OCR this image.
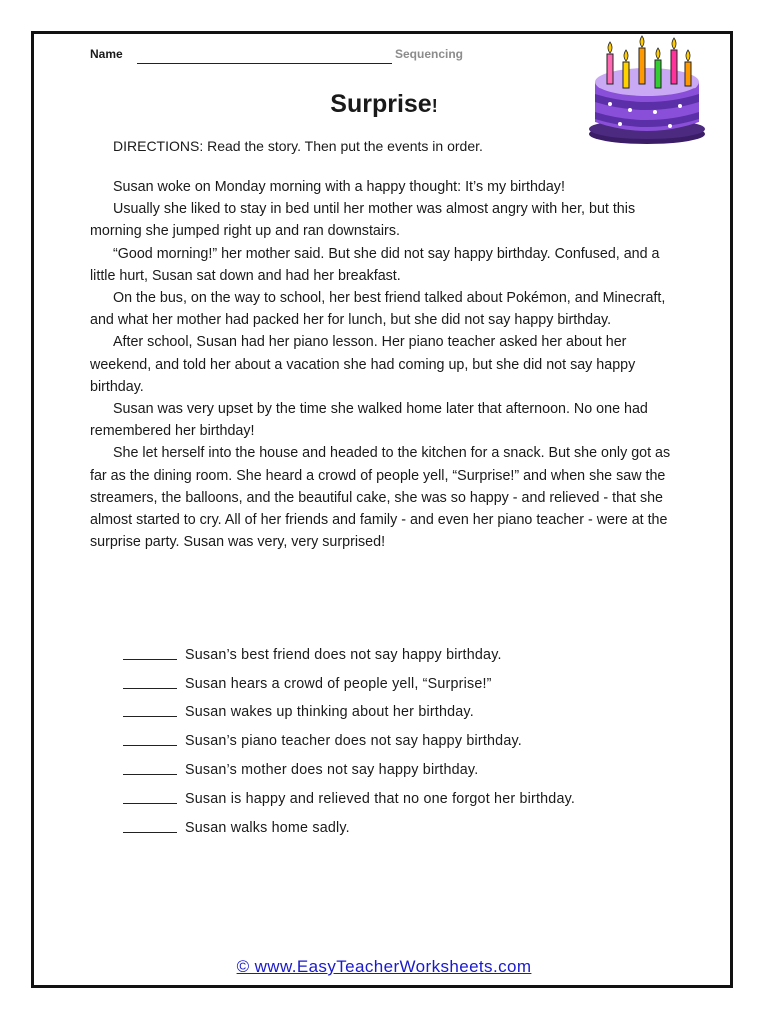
Name	Sequencing
Surprise!
DIRECTIONS: Read the story. Then put the events in order.

Susan woke on Monday morning with a happy thought: It’s my birthday!

Usually she liked to stay in bed until her mother was almost angry with her, but this morning she jumped right up and ran downstairs.

“Good morning!” her mother said. But she did not say happy birthday. Confused, and a little hurt, Susan sat down and had her breakfast.

On the bus, on the way to school, her best friend talked about Pokémon, and Minecraft, and what her mother had packed her for lunch, but she did not say happy birthday.

After school, Susan had her piano lesson. Her piano teacher asked her about her weekend, and told her about a vacation she had coming up, but she did not say happy birthday.

Susan was very upset by the time she walked home later that afternoon. No one had remembered her birthday!

She let herself into the house and headed to the kitchen for a snack. But she only got as far as the dining room. She heard a crowd of people yell, “Surprise!” and when she saw the streamers, the balloons, and the beautiful cake, she was so happy - and relieved - that she almost started to cry. All of her friends and family - and even her piano teacher - were at the surprise party. Susan was very, very surprised!

Susan’s best friend does not say happy birthday.
Susan hears a crowd of people yell, “Surprise!”
Susan wakes up thinking about her birthday.
Susan’s piano teacher does not say happy birthday.
Susan’s mother does not say happy birthday.
Susan is happy and relieved that no one forgot her birthday.
Susan walks home sadly.
© www.EasyTeacherWorksheets.com
